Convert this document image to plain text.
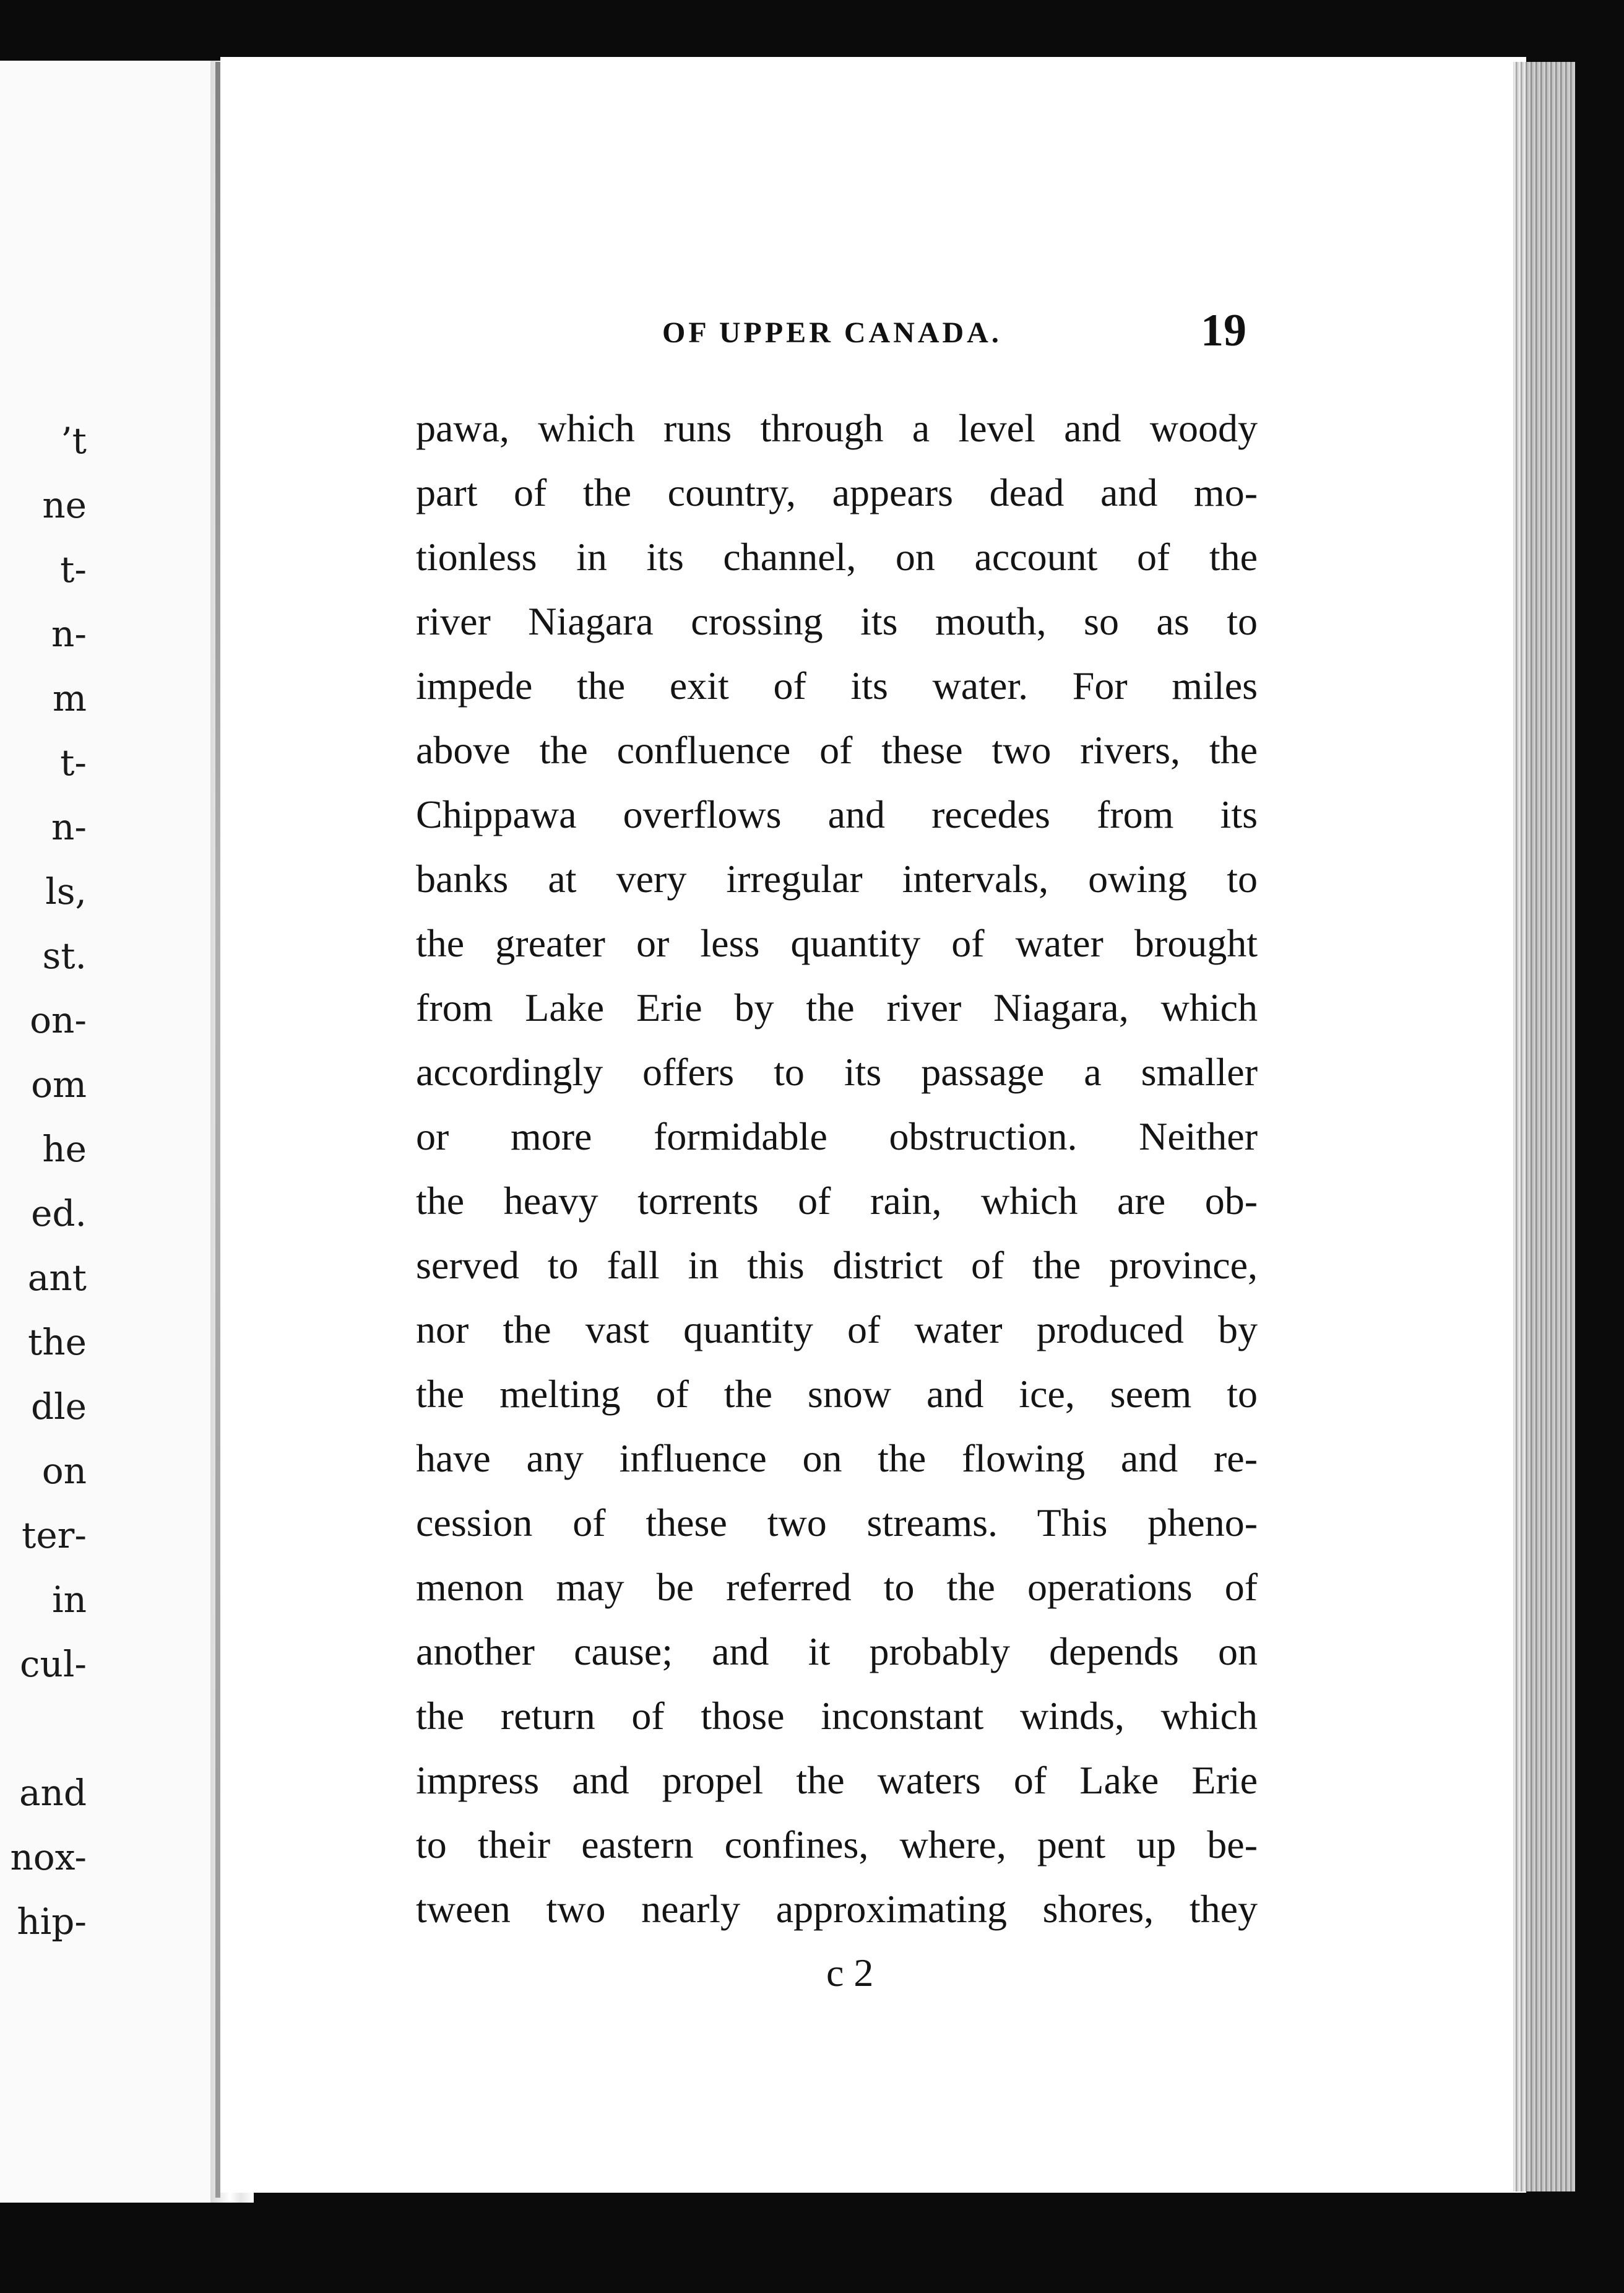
’t
ne
t-
n-
m
t-
n-
ls,
st.
on-
om
he
ed.
ant
the
dle
on
ter-
in
cul-
and
nox-
hip-
OF UPPER CANADA.	19
pawa, which runs through a level and woody
part of the country, appears dead and mo-
tionless in its channel, on account of the
river Niagara crossing its mouth, so as to
impede the exit of its water. For miles
above the confluence of these two rivers, the
Chippawa overflows and recedes from its
banks at very irregular intervals, owing to
the greater or less quantity of water brought
from Lake Erie by the river Niagara, which
accordingly offers to its passage a smaller
or more formidable obstruction. Neither
the heavy torrents of rain, which are ob-
served to fall in this district of the province,
nor the vast quantity of water produced by
the melting of the snow and ice, seem to
have any influence on the flowing and re-
cession of these two streams. This pheno-
menon may be referred to the operations of
another cause; and it probably depends on
the return of those inconstant winds, which
impress and propel the waters of Lake Erie
to their eastern confines, where, pent up be-
tween two nearly approximating shores, they
c 2
